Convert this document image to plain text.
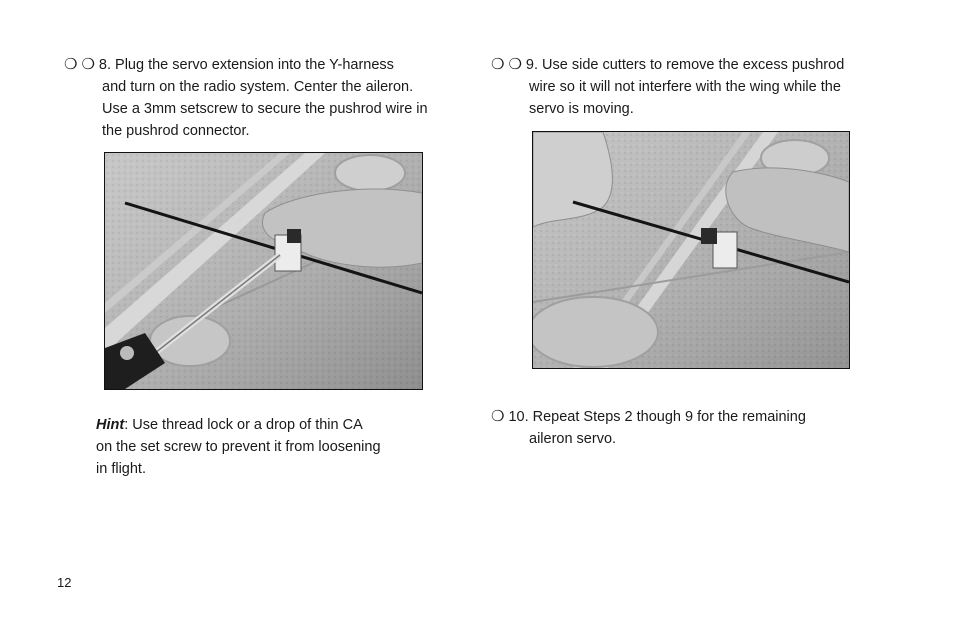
❍ ❍ 8. Plug the servo extension into the Y-harness
and turn on the radio system. Center the aileron.
Use a 3mm setscrew to secure the pushrod wire in
the pushrod connector.
Hint: Use thread lock or a drop of thin CA
on the set screw to prevent it from loosening
in flight.
❍ ❍ 9. Use side cutters to remove the excess pushrod
wire so it will not interfere with the wing while the
servo is moving.
❍ 10. Repeat Steps 2 though 9 for the remaining
aileron servo.
12
